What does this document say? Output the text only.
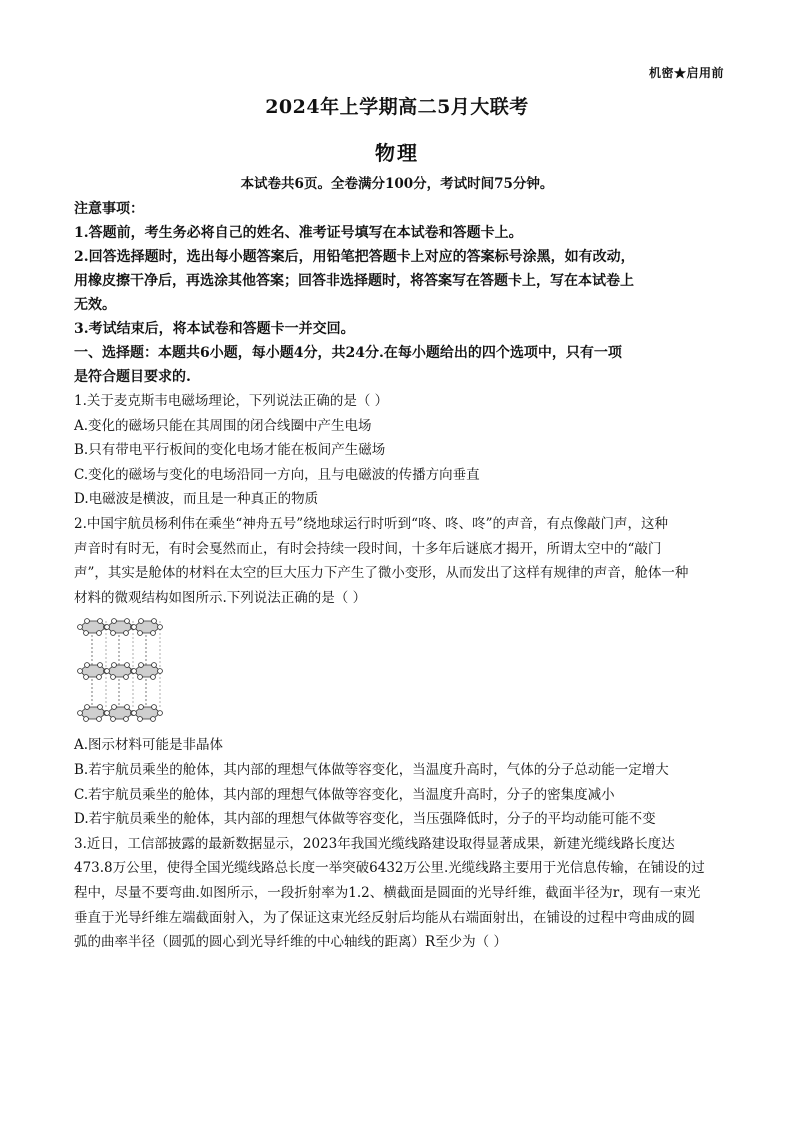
机密★启用前
2024年上学期高二5月大联考
物理
本试卷共6页。全卷满分100分，考试时间75分钟。

注意事项：

1.答题前，考生务必将自己的姓名、准考证号填写在本试卷和答题卡上。

2.回答选择题时，选出每小题答案后，用铅笔把答题卡上对应的答案标号涂黑，如有改动，

用橡皮擦干净后，再选涂其他答案；回答非选择题时，将答案写在答题卡上，写在本试卷上

无效。

3.考试结束后，将本试卷和答题卡一并交回。

一、选择题：本题共6小题，每小题4分，共24分.在每小题给出的四个选项中，只有一项

是符合题目要求的.

1.关于麦克斯韦电磁场理论，下列说法正确的是（ ）

A.变化的磁场只能在其周围的闭合线圈中产生电场

B.只有带电平行板间的变化电场才能在板间产生磁场

C.变化的磁场与变化的电场沿同一方向，且与电磁波的传播方向垂直

D.电磁波是横波，而且是一种真正的物质

2.中国宇航员杨利伟在乘坐“神舟五号”绕地球运行时听到“咚、咚、咚”的声音，有点像敲门声，这种

声音时有时无，有时会戛然而止，有时会持续一段时间，十多年后谜底才揭开，所谓太空中的“敲门

声”，其实是舱体的材料在太空的巨大压力下产生了微小变形，从而发出了这样有规律的声音，舱体一种

材料的微观结构如图所示.下列说法正确的是（ ）

A.图示材料可能是非晶体

B.若宇航员乘坐的舱体，其内部的理想气体做等容变化，当温度升高时，气体的分子总动能一定增大

C.若宇航员乘坐的舱体，其内部的理想气体做等容变化，当温度升高时，分子的密集度减小

D.若宇航员乘坐的舱体，其内部的理想气体做等容变化，当压强降低时，分子的平均动能可能不变

3.近日，工信部披露的最新数据显示，2023年我国光缆线路建设取得显著成果，新建光缆线路长度达

473.8万公里，使得全国光缆线路总长度一举突破6432万公里.光缆线路主要用于光信息传输，在铺设的过

程中，尽量不要弯曲.如图所示，一段折射率为1.2、横截面是圆面的光导纤维，截面半径为r，现有一束光

垂直于光导纤维左端截面射入，为了保证这束光经反射后均能从右端面射出，在铺设的过程中弯曲成的圆

弧的曲率半径（圆弧的圆心到光导纤维的中心轴线的距离）R至少为（ ）
